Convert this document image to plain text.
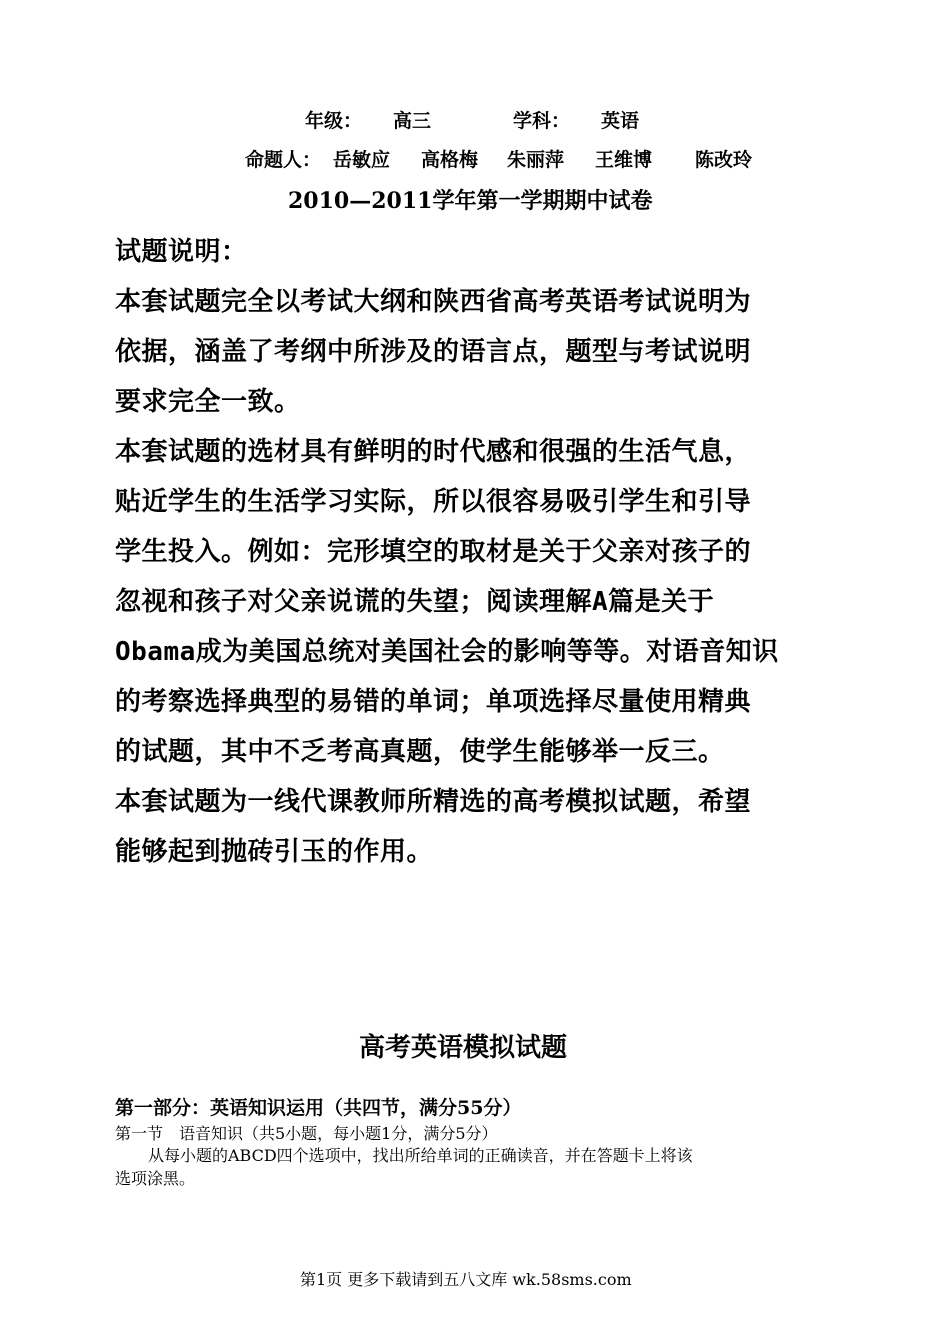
年级： 高三	学科： 英语
命题人： 岳敏应 高格梅 朱丽萍 王维博 陈改玲
2010—2011学年第一学期期中试卷
试题说明：
本套试题完全以考试大纲和陕西省高考英语考试说明为
依据，涵盖了考纲中所涉及的语言点，题型与考试说明
要求完全一致。
本套试题的选材具有鲜明的时代感和很强的生活气息，
贴近学生的生活学习实际，所以很容易吸引学生和引导
学生投入。例如：完形填空的取材是关于父亲对孩子的
忽视和孩子对父亲说谎的失望；阅读理解A篇是关于
Obama成为美国总统对美国社会的影响等等。对语音知识
的考察选择典型的易错的单词；单项选择尽量使用精典
的试题，其中不乏考高真题，使学生能够举一反三。
本套试题为一线代课教师所精选的高考模拟试题，希望
能够起到抛砖引玉的作用。
高考英语模拟试题
第一部分：英语知识运用（共四节，满分55分）
第一节　语音知识（共5小题，每小题1分，满分5分）
从每小题的ABCD四个选项中，找出所给单词的正确读音，并在答题卡上将该
选项涂黑。
第1页 更多下载请到五八文库 wk.58sms.com
